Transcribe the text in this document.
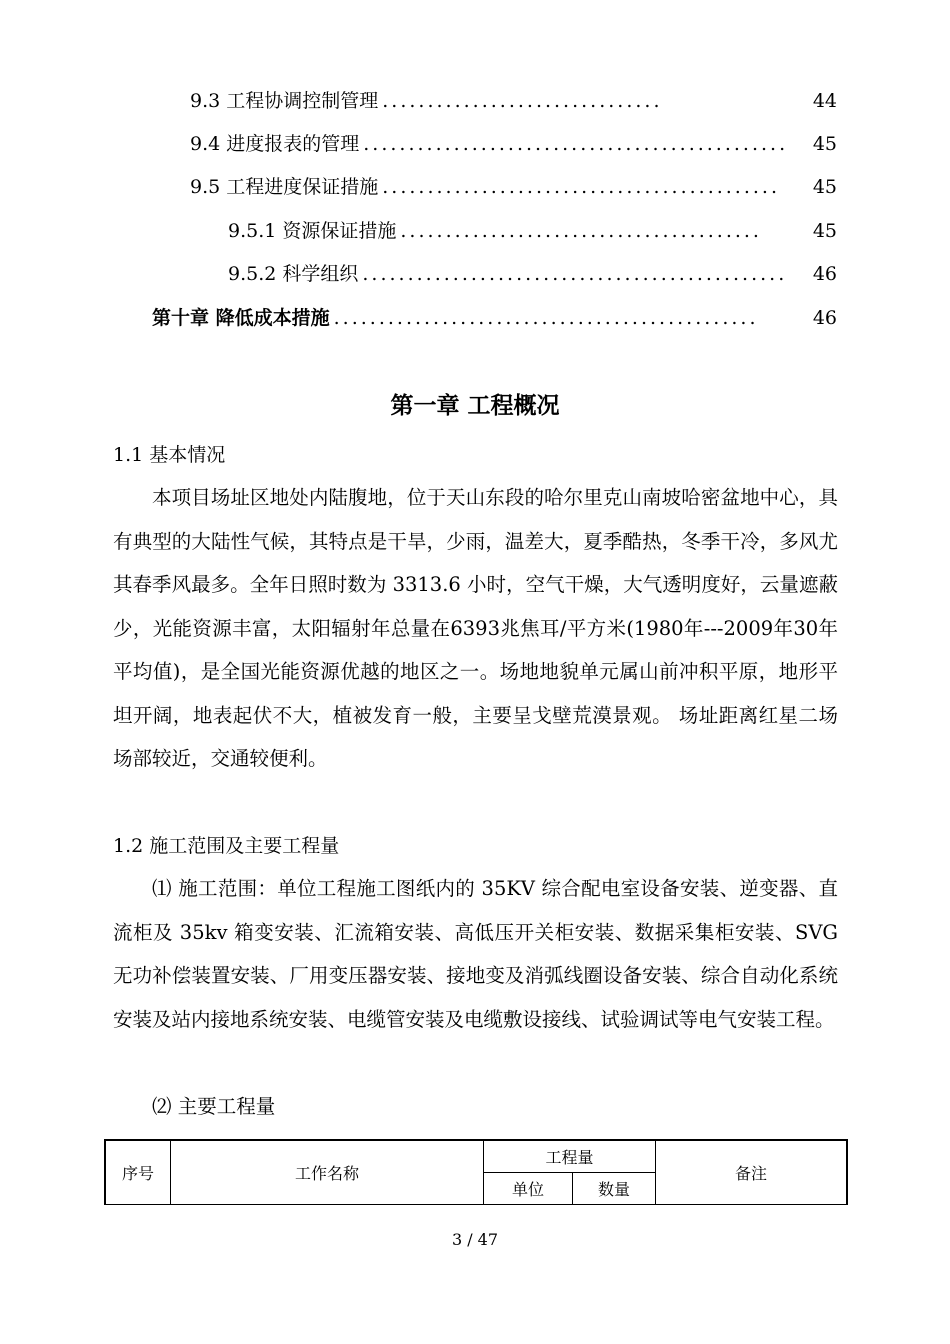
9.3 工程协调控制管理 ...............................	44
9.4 进度报表的管理 ...............................................	45
9.5 工程进度保证措施 ............................................	45
9.5.1 资源保证措施 ........................................	45
9.5.2 科学组织 ...............................................	46
第十章 降低成本措施 ...............................................	46
第一章 工程概况
1.1 基本情况

本项目场址区地处内陆腹地，位于天山东段的哈尔里克山南坡哈密盆地中心，具有典型的大陆性气候，其特点是干旱，少雨，温差大，夏季酷热，冬季干冷，多风尤其春季风最多。全年日照时数为 3313.6 小时，空气干燥，大气透明度好，云量遮蔽少，光能资源丰富，太阳辐射年总量在6393兆焦耳/平方米(1980年---2009年30年平均值)，是全国光能资源优越的地区之一。场地地貌单元属山前冲积平原，地形平坦开阔，地表起伏不大，植被发育一般，主要呈戈壁荒漠景观。 场址距离红星二场场部较近，交通较便利。

1.2 施工范围及主要工程量

⑴ 施工范围：单位工程施工图纸内的 35KV 综合配电室设备安装、逆变器、直流柜及 35kv 箱变安装、汇流箱安装、高低压开关柜安装、数据采集柜安装、SVG 无功补偿装置安装、厂用变压器安装、接地变及消弧线圈设备安装、综合自动化系统安装及站内接地系统安装、电缆管安装及电缆敷设接线、试验调试等电气安装工程。

⑵ 主要工程量

序号	工作名称	工程量		备注
		单位	数量	
3 / 47
